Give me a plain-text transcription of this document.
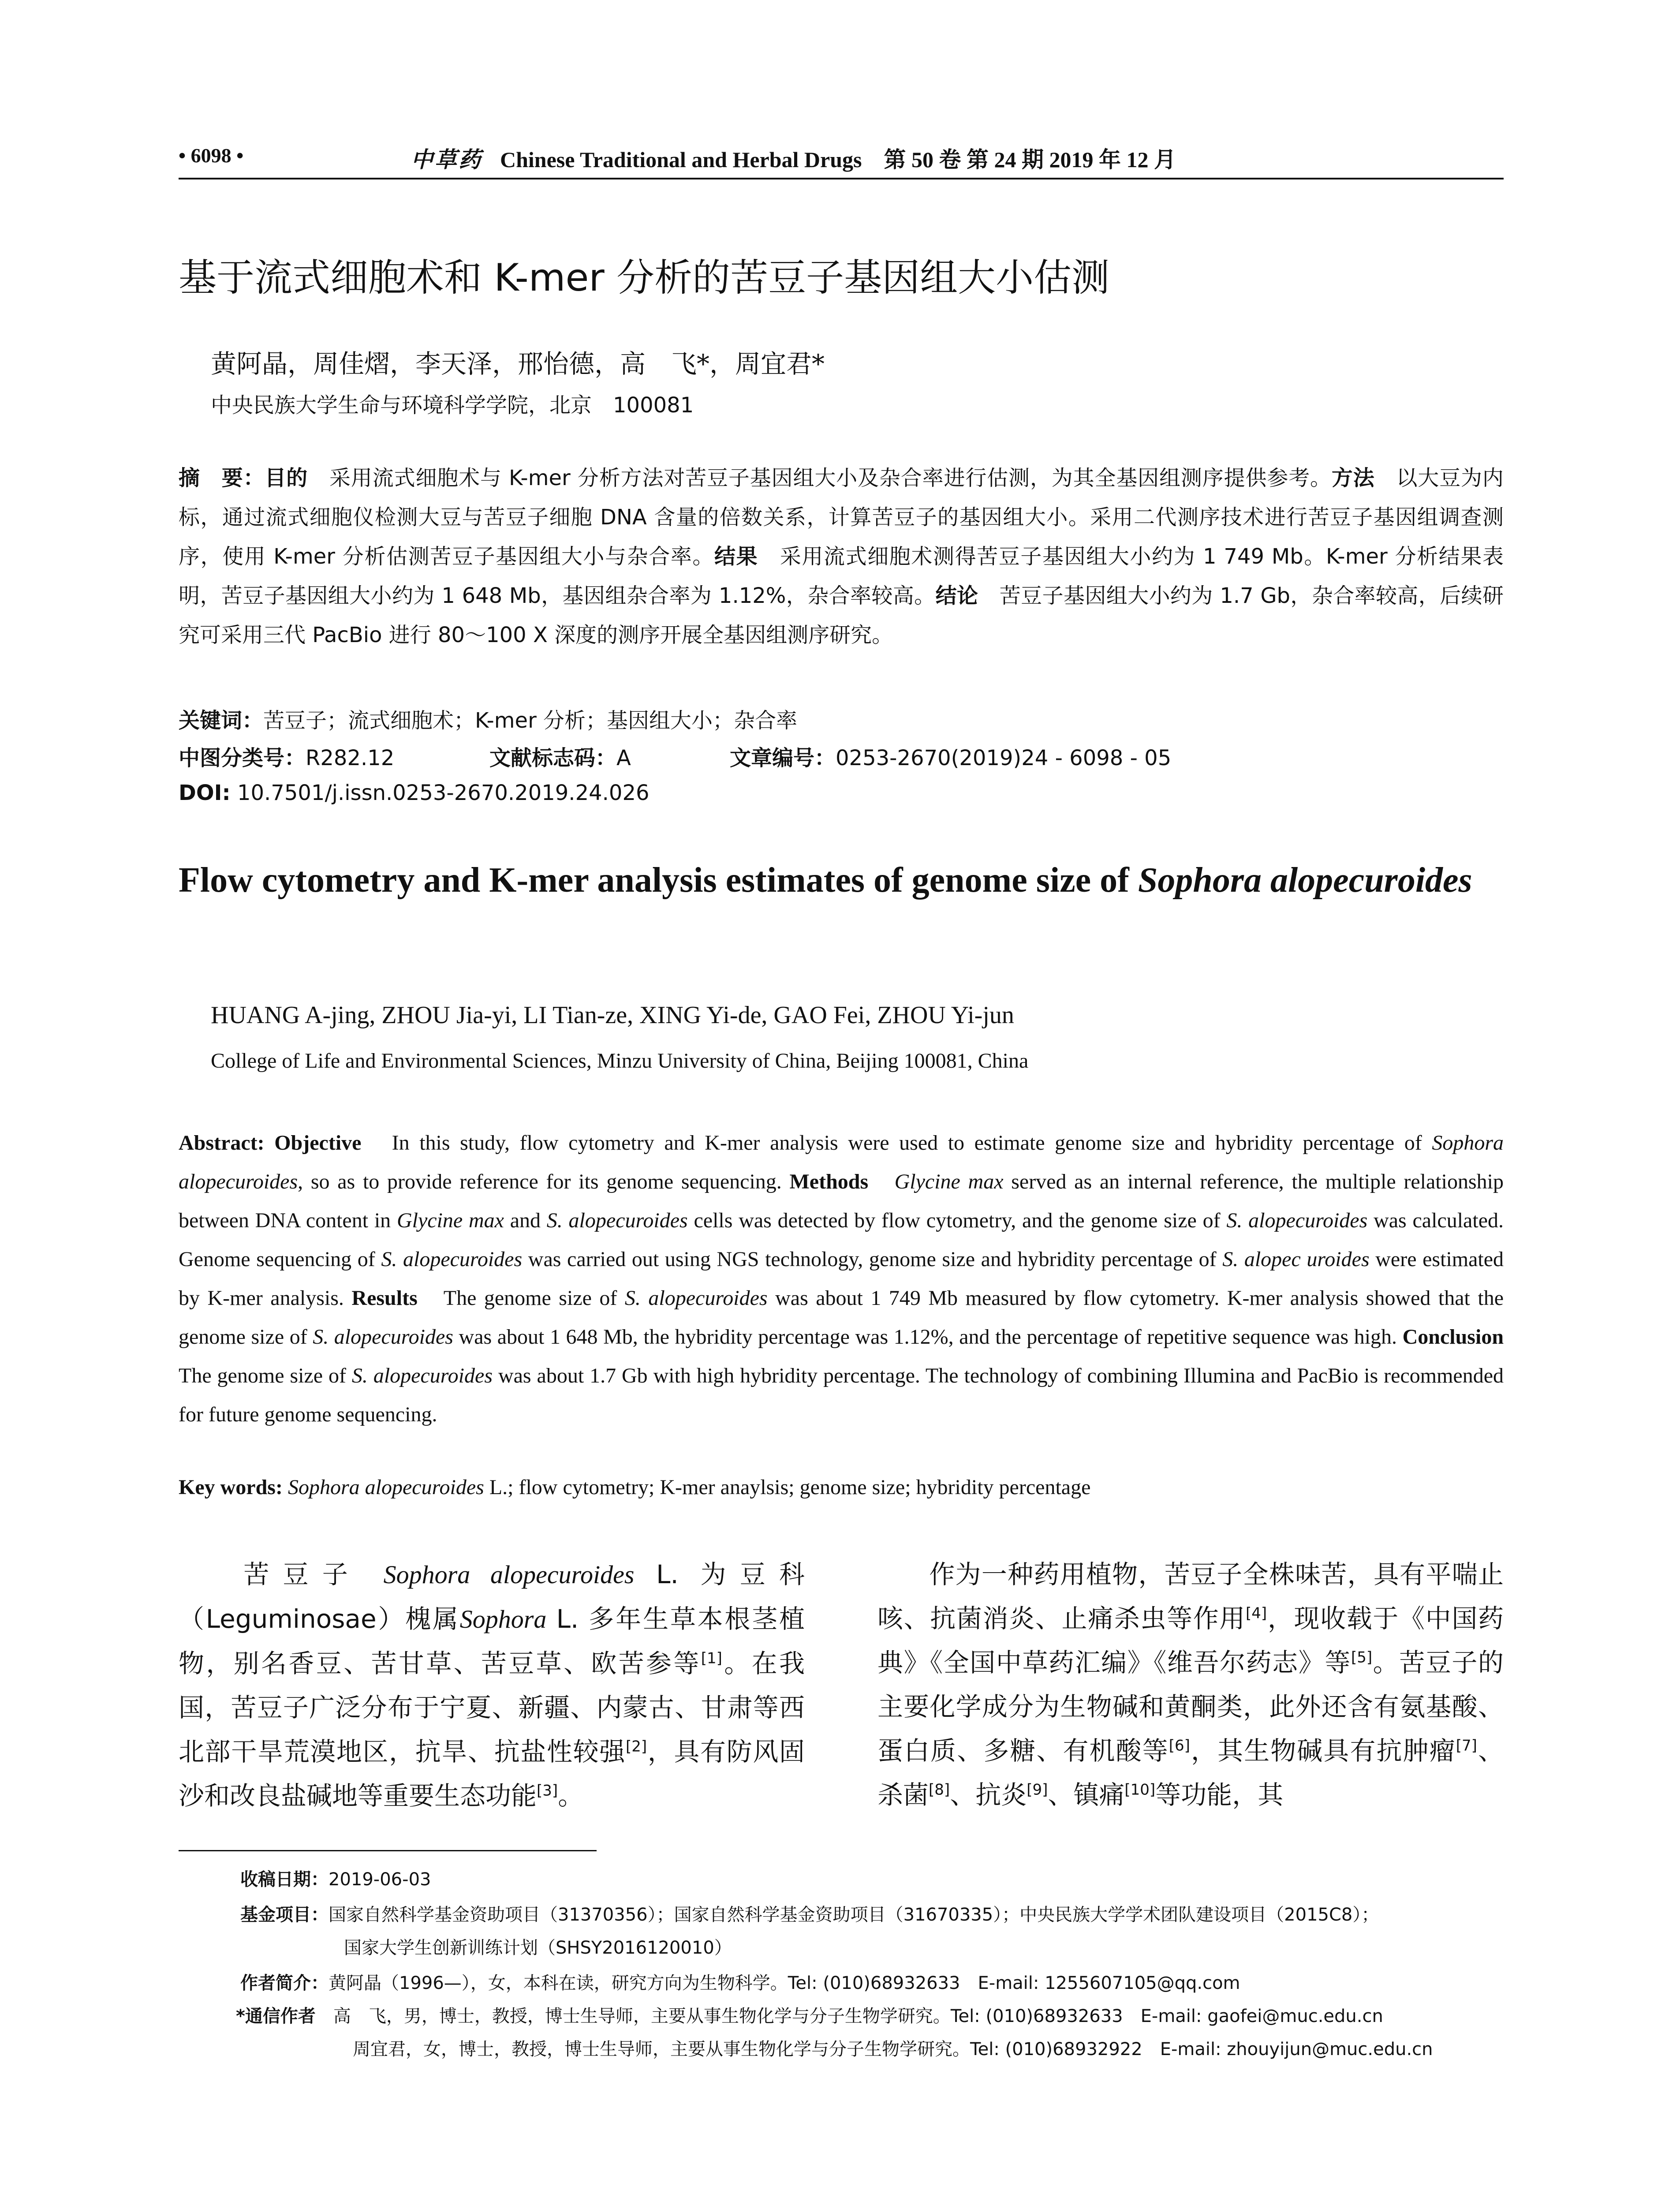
• 6098 •	中草药 Chinese Traditional and Herbal Drugs　第 50 卷 第 24 期 2019 年 12 月
基于流式细胞术和 K-mer 分析的苦豆子基因组大小估测
黄阿晶，周佳熠，李天泽，邢怡德，高　飞*，周宜君*
中央民族大学生命与环境科学学院，北京　100081
摘　要：目的　 采用流式细胞术与 K-mer 分析方法对苦豆子基因组大小及杂合率进行估测，为其全基因组测序提供参考。方法　 以大豆为内标，通过流式细胞仪检测大豆与苦豆子细胞 DNA 含量的倍数关系，计算苦豆子的基因组大小。采用二代测序技术进行苦豆子基因组调查测序，使用 K-mer 分析估测苦豆子基因组大小与杂合率。结果　 采用流式细胞术测得苦豆子基因组大小约为 1 749 Mb。K-mer 分析结果表明，苦豆子基因组大小约为 1 648 Mb，基因组杂合率为 1.12%，杂合率较高。结论　 苦豆子基因组大小约为 1.7 Gb，杂合率较高，后续研究可采用三代 PacBio 进行 80～100 X 深度的测序开展全基因组测序研究。
关键词：苦豆子；流式细胞术；K-mer 分析；基因组大小；杂合率
中图分类号：R282.12	文献标志码：A	文章编号：0253-2670(2019)24 - 6098 - 05
DOI: 10.7501/j.issn.0253-2670.2019.24.026
Flow cytometry and K-mer analysis estimates of genome size of Sophora alopecuroides
HUANG A-jing, ZHOU Jia-yi, LI Tian-ze, XING Yi-de, GAO Fei, ZHOU Yi-jun
College of Life and Environmental Sciences, Minzu University of China, Beijing 100081, China
Abstract: Objective　 In this study, flow cytometry and K-mer analysis were used to estimate genome size and hybridity percentage of Sophora alopecuroides, so as to provide reference for its genome sequencing. Methods　 Glycine max served as an internal reference, the multiple relationship between DNA content in Glycine max and S. alopecuroides cells was detected by flow cytometry, and the genome size of S. alopecuroides was calculated. Genome sequencing of S. alopecuroides was carried out using NGS technology, genome size and hybridity percentage of S. alopec uroides were estimated by K-mer analysis. Results　 The genome size of S. alopecuroides was about 1 749 Mb measured by flow cytometry. K-mer analysis showed that the genome size of S. alopecuroides was about 1 648 Mb, the hybridity percentage was 1.12%, and the percentage of repetitive sequence was high. Conclusion　The genome size of S. alopecuroides was about 1.7 Gb with high hybridity percentage. The technology of combining Illumina and PacBio is recommended for future genome sequencing.
Key words: Sophora alopecuroides L.; flow cytometry; K-mer anaylsis; genome size; hybridity percentage
苦豆子 Sophora alopecuroides L. 为豆科（Leguminosae）槐属Sophora L. 多年生草本根茎植物，别名香豆、苦甘草、苦豆草、欧苦参等[1]。在我国，苦豆子广泛分布于宁夏、新疆、内蒙古、甘肃等西北部干旱荒漠地区，抗旱、抗盐性较强[2]，具有防风固沙和改良盐碱地等重要生态功能[3]。
作为一种药用植物，苦豆子全株味苦，具有平喘止咳、抗菌消炎、止痛杀虫等作用[4]，现收载于《中国药典》《全国中草药汇编》《维吾尔药志》等[5]。苦豆子的主要化学成分为生物碱和黄酮类，此外还含有氨基酸、蛋白质、多糖、有机酸等[6]，其生物碱具有抗肿瘤[7]、杀菌[8]、抗炎[9]、镇痛[10]等功能，其
收稿日期：2019-06-03
基金项目：国家自然科学基金资助项目（31370356）；国家自然科学基金资助项目（31670335）；中央民族大学学术团队建设项目（2015C8）；
国家大学生创新训练计划（SHSY2016120010）
作者简介：黄阿晶（1996—），女，本科在读，研究方向为生物科学。Tel: (010)68932633　E-mail: 1255607105@qq.com
*通信作者　 高　飞，男，博士，教授，博士生导师，主要从事生物化学与分子生物学研究。Tel: (010)68932633　E-mail: gaofei@muc.edu.cn
周宜君，女，博士，教授，博士生导师，主要从事生物化学与分子生物学研究。Tel: (010)68932922　E-mail: zhouyijun@muc.edu.cn
